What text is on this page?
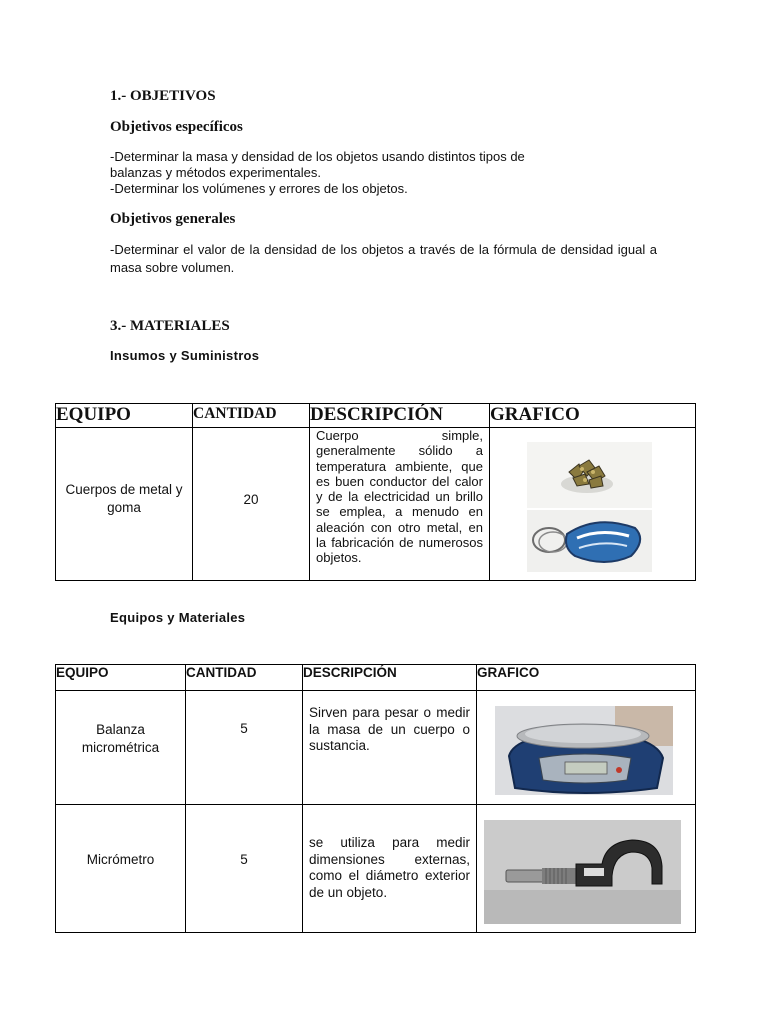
1.- OBJETIVOS
Objetivos específicos
-Determinar la masa y densidad de los objetos usando distintos tipos de
balanzas y métodos experimentales.
-Determinar los volúmenes y errores de los objetos.
Objetivos generales
-Determinar el valor de la densidad de los objetos a través de la fórmula de densidad igual a masa sobre volumen.
3.- MATERIALES
Insumos y Suministros
EQUIPO	CANTIDAD	DESCRIPCIÓN	GRAFICO
Cuerpos de metal y goma	20	Cuerpo simple, generalmente sólido a temperatura ambiente, que es buen conductor del calor y de la electricidad un brillo se emplea, a menudo en aleación con otro metal, en la fabricación de numerosos objetos.	
Equipos y Materiales
EQUIPO	CANTIDAD	DESCRIPCIÓN	GRAFICO
Balanza micrométrica	5	Sirven para pesar o medir la masa de un cuerpo o sustancia.	

Micrómetro	5	se utiliza para medir dimensiones externas, como el diámetro exterior de un objeto.	
